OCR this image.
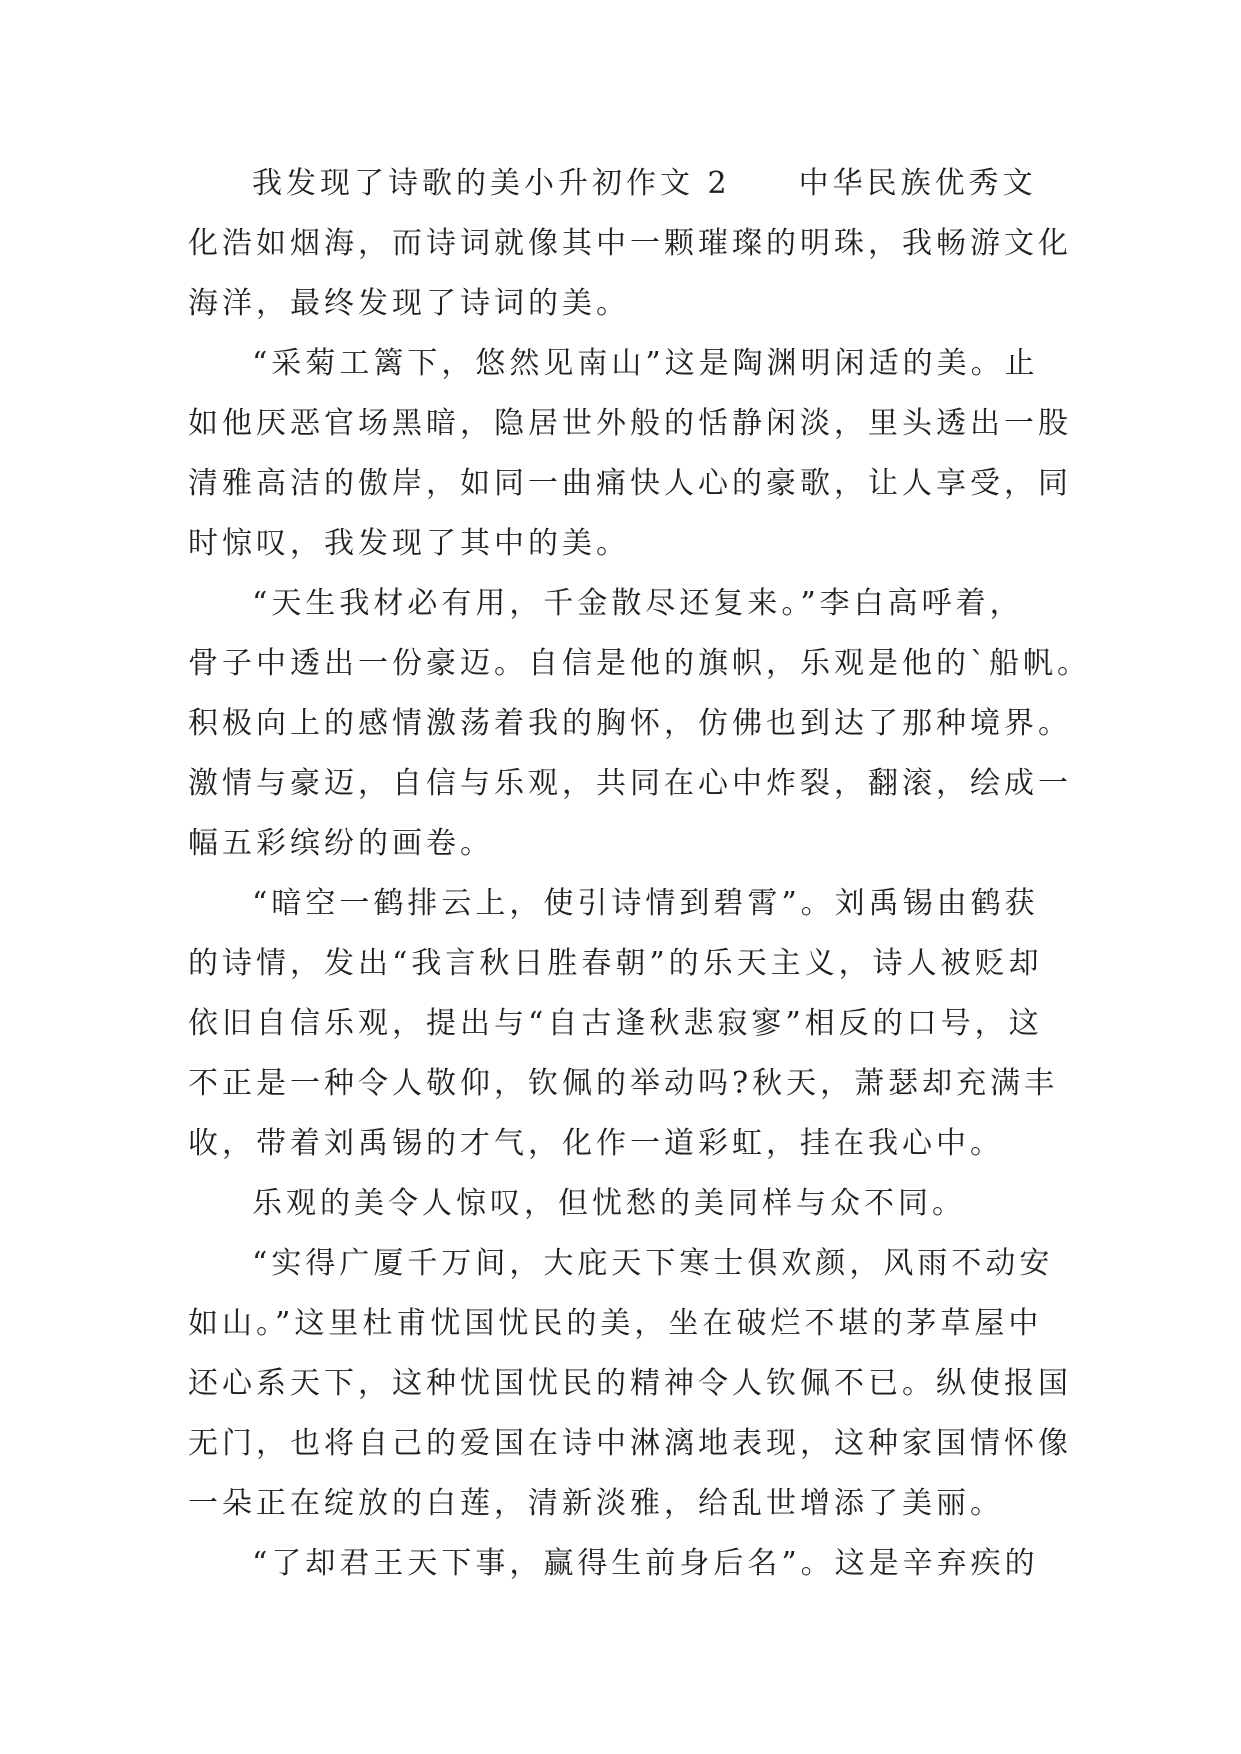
我发现了诗歌的美小升初作文 2　　中华民族优秀文
化浩如烟海，而诗词就像其中一颗璀璨的明珠，我畅游文化
海洋，最终发现了诗词的美。
“采菊工篱下，悠然见南山”这是陶渊明闲适的美。止
如他厌恶官场黑暗，隐居世外般的恬静闲淡，里头透出一股
清雅高洁的傲岸，如同一曲痛快人心的豪歌，让人享受，同
时惊叹，我发现了其中的美。
“天生我材必有用，千金散尽还复来。”李白高呼着，
骨子中透出一份豪迈。自信是他的旗帜，乐观是他的`船帆。
积极向上的感情激荡着我的胸怀，仿佛也到达了那种境界。
激情与豪迈，自信与乐观，共同在心中炸裂，翻滚，绘成一
幅五彩缤纷的画卷。
“暗空一鹤排云上，使引诗情到碧霄”。刘禹锡由鹤获
的诗情，发出“我言秋日胜春朝”的乐天主义，诗人被贬却
依旧自信乐观，提出与“自古逢秋悲寂寥”相反的口号，这
不正是一种令人敬仰，钦佩的举动吗?秋天，萧瑟却充满丰
收，带着刘禹锡的才气，化作一道彩虹，挂在我心中。
乐观的美令人惊叹，但忧愁的美同样与众不同。
“实得广厦千万间，大庇天下寒士俱欢颜，风雨不动安
如山。”这里杜甫忧国忧民的美，坐在破烂不堪的茅草屋中
还心系天下，这种忧国忧民的精神令人钦佩不已。纵使报国
无门，也将自己的爱国在诗中淋漓地表现，这种家国情怀像
一朵正在绽放的白莲，清新淡雅，给乱世增添了美丽。
“了却君王天下事，赢得生前身后名”。这是辛弃疾的
